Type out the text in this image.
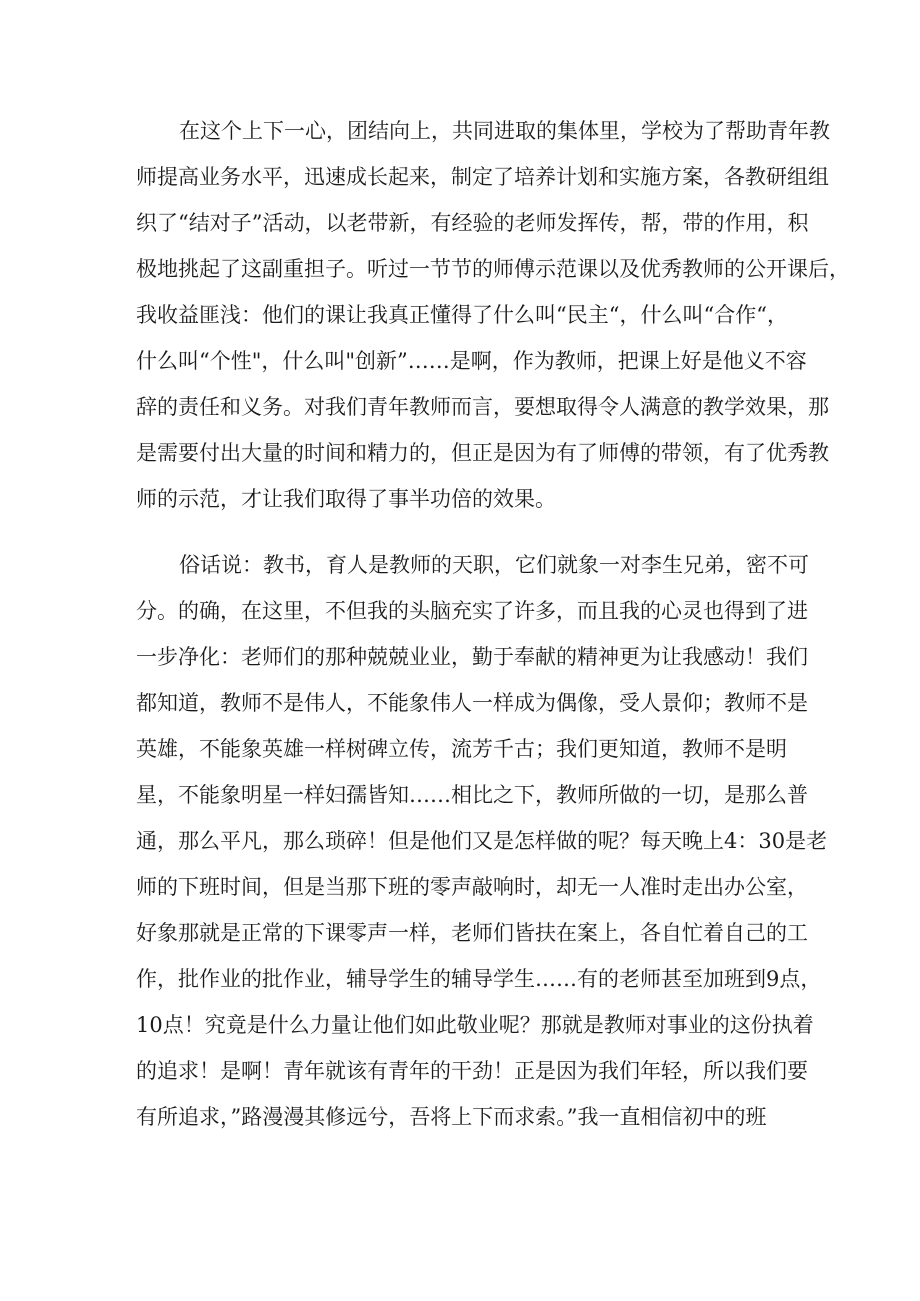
在这个上下一心，团结向上，共同进取的集体里，学校为了帮助青年教

师提高业务水平，迅速成长起来，制定了培养计划和实施方案，各教研组组

织了“结对子”活动，以老带新，有经验的老师发挥传，帮，带的作用，积

极地挑起了这副重担子。听过一节节的师傅示范课以及优秀教师的公开课后，

我收益匪浅：他们的课让我真正懂得了什么叫“民主“，什么叫“合作“，

什么叫“个性"，什么叫"创新”……是啊，作为教师，把课上好是他义不容

辞的责任和义务。对我们青年教师而言，要想取得令人满意的教学效果，那

是需要付出大量的时间和精力的，但正是因为有了师傅的带领，有了优秀教

师的示范，才让我们取得了事半功倍的效果。

俗话说：教书，育人是教师的天职，它们就象一对李生兄弟，密不可

分。的确，在这里，不但我的头脑充实了许多，而且我的心灵也得到了进

一步净化：老师们的那种兢兢业业，勤于奉献的精神更为让我感动！我们

都知道，教师不是伟人，不能象伟人一样成为偶像，受人景仰；教师不是

英雄，不能象英雄一样树碑立传，流芳千古；我们更知道，教师不是明

星，不能象明星一样妇孺皆知……相比之下，教师所做的一切，是那么普

通，那么平凡，那么琐碎！但是他们又是怎样做的呢？每天晚上4：30是老

师的下班时间，但是当那下班的零声敲响时，却无一人准时走出办公室，

好象那就是正常的下课零声一样，老师们皆扶在案上，各自忙着自己的工

作，批作业的批作业，辅导学生的辅导学生……有的老师甚至加班到9点，

10点！究竟是什么力量让他们如此敬业呢？那就是教师对事业的这份执着

的追求！是啊！青年就该有青年的干劲！正是因为我们年轻，所以我们要

有所追求，”路漫漫其修远兮，吾将上下而求索。”我一直相信初中的班
